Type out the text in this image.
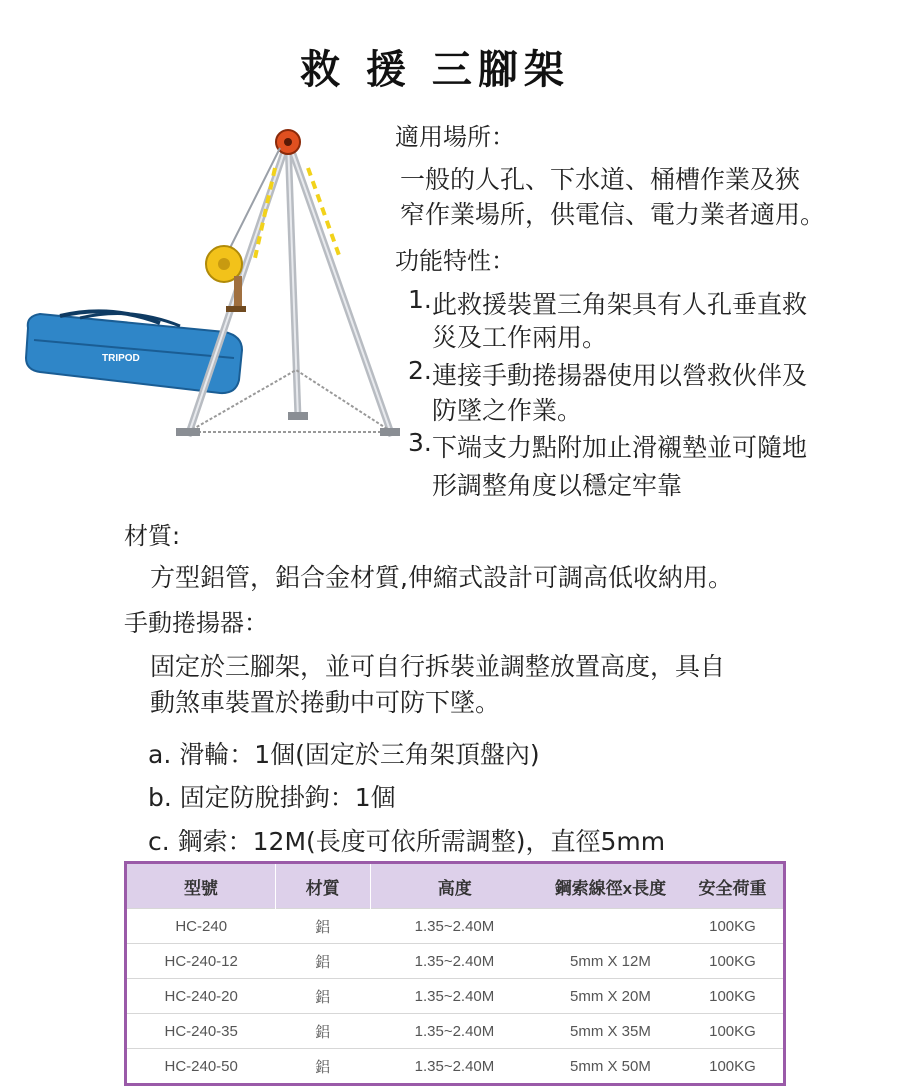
救 援 三腳架
TRIPOD
適用場所：
一般的人孔、下水道、桶槽作業及狹
窄作業場所，供電信、電力業者適用。
功能特性：
1. 此救援裝置三角架具有人孔垂直救
災及工作兩用。
2. 連接手動捲揚器使用以營救伙伴及
防墜之作業。
3. 下端支力點附加止滑襯墊並可隨地
形調整角度以穩定牢靠
材質:
方型鋁管，鋁合金材質,伸縮式設計可調高低收納用。
手動捲揚器：
固定於三腳架，並可自行拆裝並調整放置高度，具自
動煞車裝置於捲動中可防下墜。
a. 滑輪：1個(固定於三角架頂盤內)
b. 固定防脫掛鉤：1個
c. 鋼索：12M(長度可依所需調整)，直徑5mm
型號	材質	高度	鋼索線徑x長度	安全荷重
HC-240	鋁	1.35~2.40M		100KG
HC-240-12	鋁	1.35~2.40M	5mm X 12M	100KG
HC-240-20	鋁	1.35~2.40M	5mm X 20M	100KG
HC-240-35	鋁	1.35~2.40M	5mm X 35M	100KG
HC-240-50	鋁	1.35~2.40M	5mm X 50M	100KG
